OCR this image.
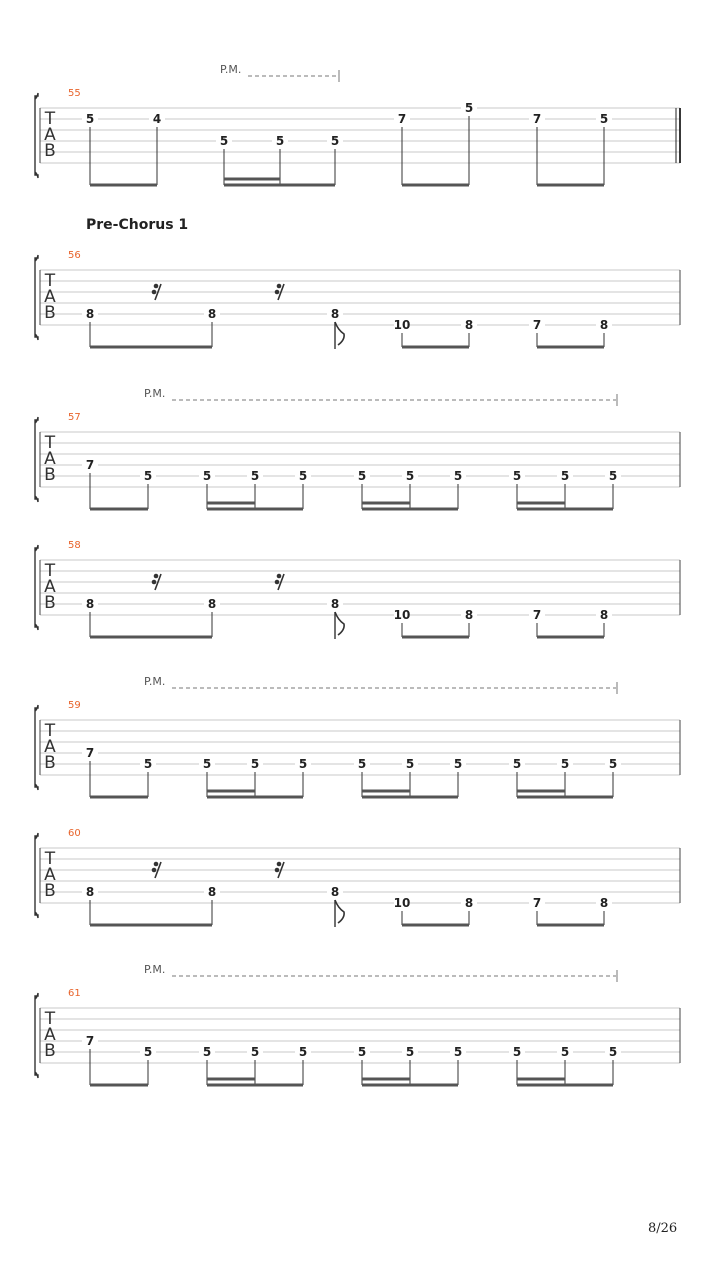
T
A
B
55
P.M.
5	4
5	5	5
7
5
7	5
T
A
B
56
Pre-Chorus 1
8	8	8
10	8	7	8
T
A
B
57
P.M.
7
5	5	5	5	5	5	5	5	5	5
T
A
B
58
8	8	8
10	8	7	8
T
A
B
59
P.M.
7
5	5	5	5	5	5	5	5	5	5
T
A
B
60
8	8	8
10	8	7	8
T
A
B
61
P.M.
7
5	5	5	5	5	5	5	5	5	5
8/26
